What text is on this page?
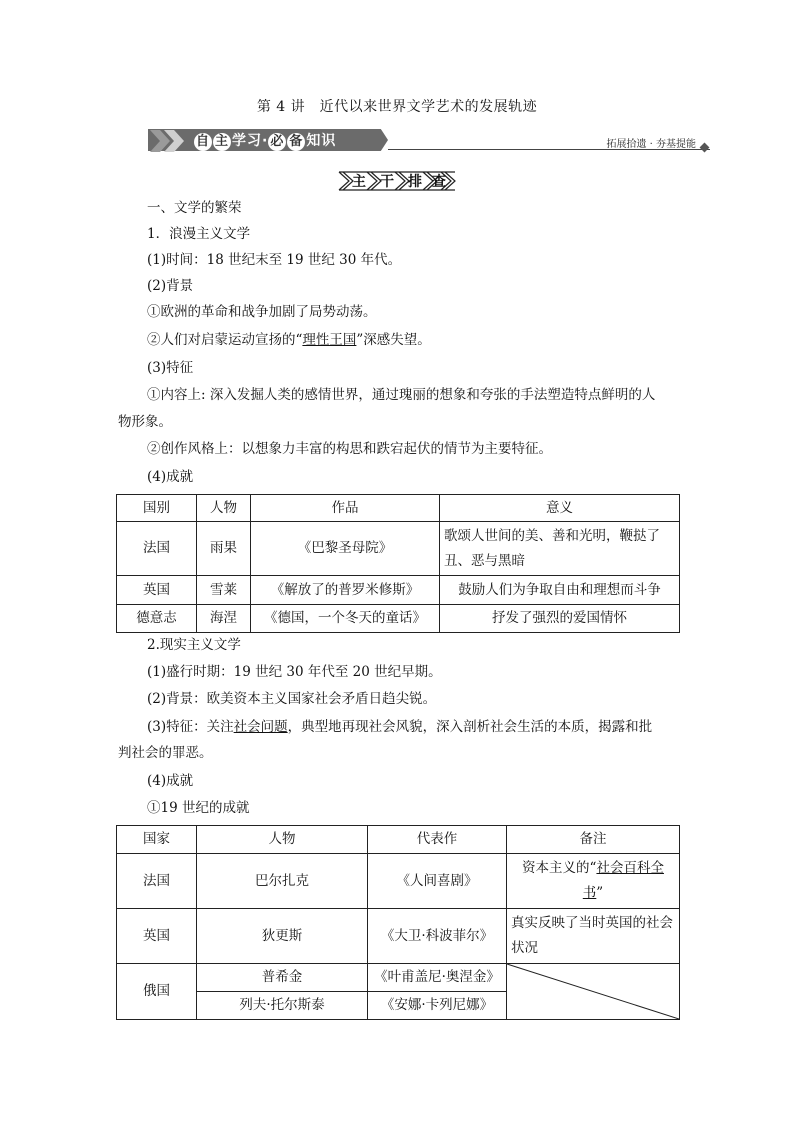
第 4 讲　近代以来世界文学艺术的发展轨迹
自 主 学习· 必 备 知识	拓展拾遗 · 夯基提能
主 干 排 查
一、文学的繁荣
1．浪漫主义文学
(1)时间：18 世纪末至 19 世纪 30 年代。
(2)背景
①欧洲的革命和战争加剧了局势动荡。
②人们对启蒙运动宣扬的“理性王国”深感失望。
(3)特征
①内容上: 深入发掘人类的感情世界，通过瑰丽的想象和夸张的手法塑造特点鲜明的人
物形象。
②创作风格上：以想象力丰富的构思和跌宕起伏的情节为主要特征。
(4)成就
国别	人物	作品	意义
法国	雨果	《巴黎圣母院》	歌颂人世间的美、善和光明，鞭挞了丑、恶与黑暗
英国	雪莱	《解放了的普罗米修斯》	鼓励人们为争取自由和理想而斗争
德意志	海涅	《德国，一个冬天的童话》	抒发了强烈的爱国情怀
2.现实主义文学
(1)盛行时期：19 世纪 30 年代至 20 世纪早期。
(2)背景：欧美资本主义国家社会矛盾日趋尖锐。
(3)特征：关注社会问题，典型地再现社会风貌，深入剖析社会生活的本质，揭露和批
判社会的罪恶。
(4)成就
①19 世纪的成就
国家	人物	代表作	备注
法国	巴尔扎克	《人间喜剧》	资本主义的“社会百科全
书”
英国	狄更斯	《大卫·科波菲尔》	真实反映了当时英国的社会状况
俄国	普希金	《叶甫盖尼·奥涅金》	

	列夫·托尔斯泰	《安娜·卡列尼娜》	
